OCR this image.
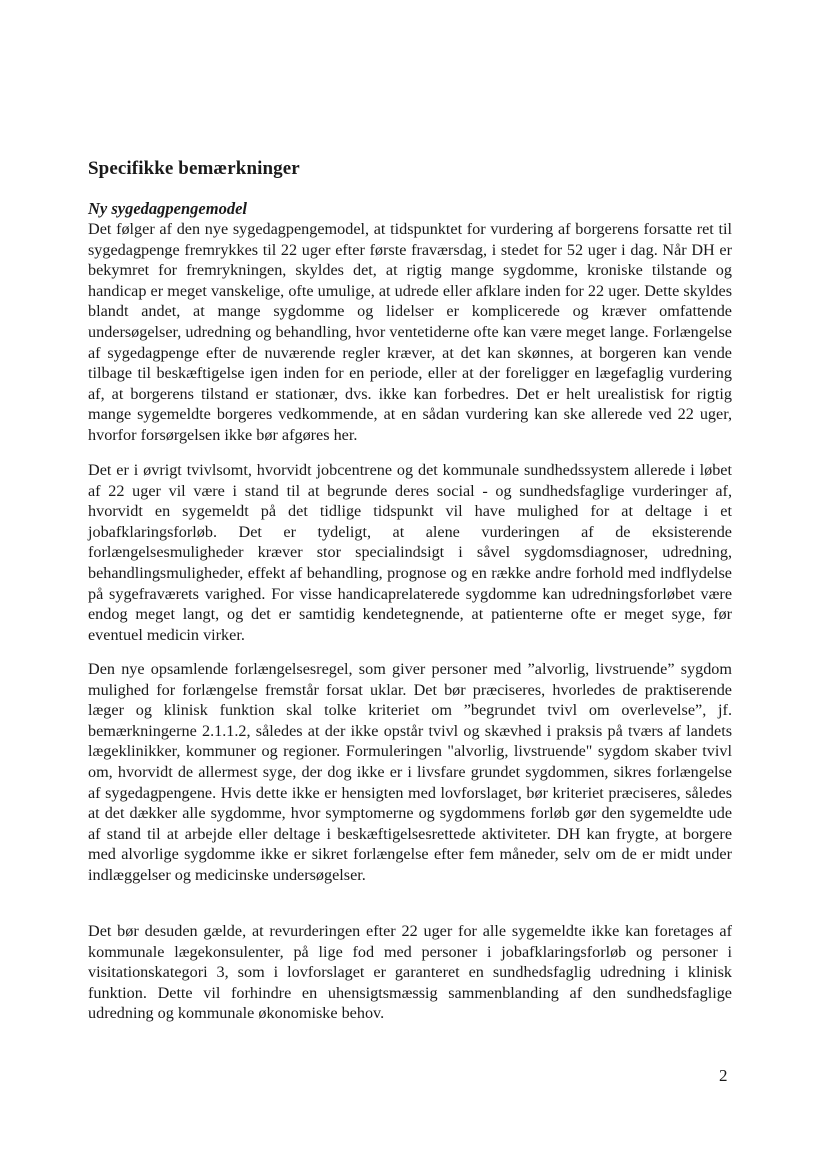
Specifikke bemærkninger
Ny sygedagpengemodel

Det følger af den nye sygedagpengemodel, at tidspunktet for vurdering af borgerens forsatte ret til sygedagpenge fremrykkes til 22 uger efter første fraværsdag, i stedet for 52 uger i dag. Når DH er bekymret for fremrykningen, skyldes det, at rigtig mange sygdomme, kroniske tilstande og handicap er meget vanskelige, ofte umulige, at udrede eller afklare inden for 22 uger. Dette skyldes blandt andet, at mange sygdomme og lidelser er komplicerede og kræver omfattende undersøgelser, udredning og behandling, hvor ventetiderne ofte kan være meget lange. Forlængelse af sygedagpenge efter de nuværende regler kræver, at det kan skønnes, at borgeren kan vende tilbage til beskæftigelse igen inden for en periode, eller at der foreligger en lægefaglig vurdering af, at borgerens tilstand er stationær, dvs. ikke kan forbedres. Det er helt urealistisk for rigtig mange sygemeldte borgeres vedkommende, at en sådan vurdering kan ske allerede ved 22 uger, hvorfor forsørgelsen ikke bør afgøres her.

Det er i øvrigt tvivlsomt, hvorvidt jobcentrene og det kommunale sundhedssystem allerede i løbet af 22 uger vil være i stand til at begrunde deres social - og sundhedsfaglige vurderinger af, hvorvidt en sygemeldt på det tidlige tidspunkt vil have mulighed for at deltage i et jobafklaringsforløb. Det er tydeligt, at alene vurderingen af de eksisterende forlængelsesmuligheder kræver stor specialindsigt i såvel sygdomsdiagnoser, udredning, behandlingsmuligheder, effekt af behandling, prognose og en række andre forhold med indflydelse på sygefraværets varighed. For visse handicaprelaterede sygdomme kan udredningsforløbet være endog meget langt, og det er samtidig kendetegnende, at patienterne ofte er meget syge, før eventuel medicin virker.

Den nye opsamlende forlængelsesregel, som giver personer med ”alvorlig, livstruende” sygdom mulighed for forlængelse fremstår forsat uklar. Det bør præciseres, hvorledes de praktiserende læger og klinisk funktion skal tolke kriteriet om ”begrundet tvivl om overlevelse”, jf. bemærkningerne 2.1.1.2, således at der ikke opstår tvivl og skævhed i praksis på tværs af landets lægeklinikker, kommuner og regioner. Formuleringen "alvorlig, livstruende" sygdom skaber tvivl om, hvorvidt de allermest syge, der dog ikke er i livsfare grundet sygdommen, sikres forlængelse af sygedagpengene. Hvis dette ikke er hensigten med lovforslaget, bør kriteriet præciseres, således at det dækker alle sygdomme, hvor symptomerne og sygdommens forløb gør den sygemeldte ude af stand til at arbejde eller deltage i beskæftigelsesrettede aktiviteter. DH kan frygte, at borgere med alvorlige sygdomme ikke er sikret forlængelse efter fem måneder, selv om de er midt under indlæggelser og medicinske undersøgelser.

Det bør desuden gælde, at revurderingen efter 22 uger for alle sygemeldte ikke kan foretages af kommunale lægekonsulenter, på lige fod med personer i jobafklaringsforløb og personer i visitationskategori 3, som i lovforslaget er garanteret en sundhedsfaglig udredning i klinisk funktion. Dette vil forhindre en uhensigtsmæssig sammenblanding af den sundhedsfaglige udredning og kommunale økonomiske behov.

2
